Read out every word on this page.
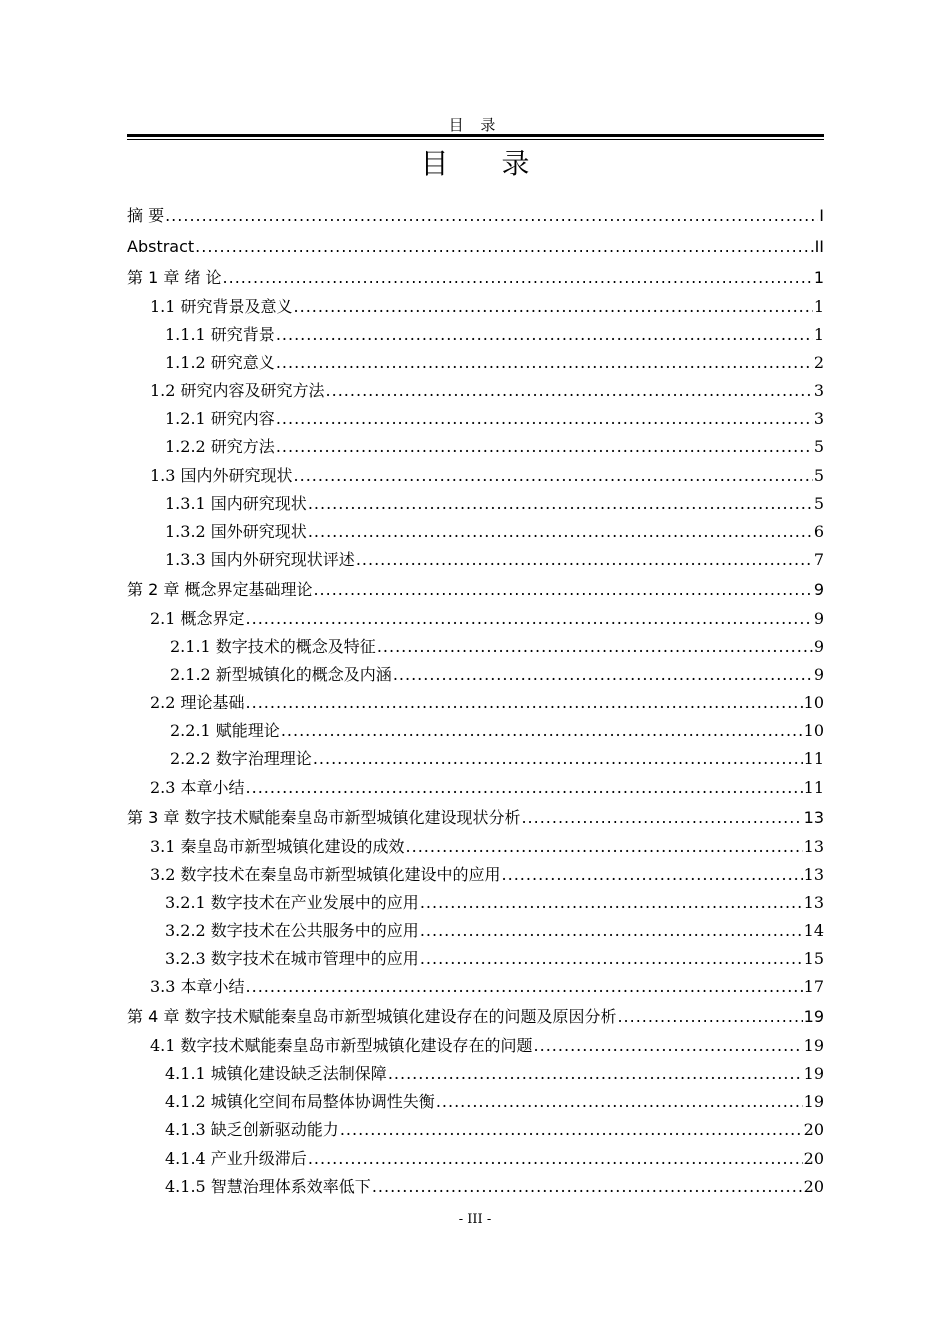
目 录
目 录
摘 要 .....	I
Abstract .....	II
第 1 章 绪 论 .....	1
1.1 研究背景及意义 .....	1
1.1.1 研究背景 .....	1
1.1.2 研究意义 .....	2
1.2 研究内容及研究方法 .....	3
1.2.1 研究内容 .....	3
1.2.2 研究方法 .....	5
1.3 国内外研究现状 .....	5
1.3.1 国内研究现状 .....	5
1.3.2 国外研究现状 .....	6
1.3.3 国内外研究现状评述 .....	7
第 2 章 概念界定基础理论 .....	9
2.1 概念界定 .....	9
2.1.1 数字技术的概念及特征 .....	9
2.1.2 新型城镇化的概念及内涵 .....	9
2.2 理论基础 .....	10
2.2.1 赋能理论 .....	10
2.2.2 数字治理理论 .....	11
2.3 本章小结 .....	11
第 3 章 数字技术赋能秦皇岛市新型城镇化建设现状分析 .....	13
3.1 秦皇岛市新型城镇化建设的成效 .....	13
3.2 数字技术在秦皇岛市新型城镇化建设中的应用 .....	13
3.2.1 数字技术在产业发展中的应用 .....	13
3.2.2 数字技术在公共服务中的应用 .....	14
3.2.3 数字技术在城市管理中的应用 .....	15
3.3 本章小结 .....	17
第 4 章 数字技术赋能秦皇岛市新型城镇化建设存在的问题及原因分析 .....	19
4.1 数字技术赋能秦皇岛市新型城镇化建设存在的问题 .....	19
4.1.1 城镇化建设缺乏法制保障 .....	19
4.1.2 城镇化空间布局整体协调性失衡 .....	19
4.1.3 缺乏创新驱动能力 .....	20
4.1.4 产业升级滞后 .....	20
4.1.5 智慧治理体系效率低下 .....	20
- III -
